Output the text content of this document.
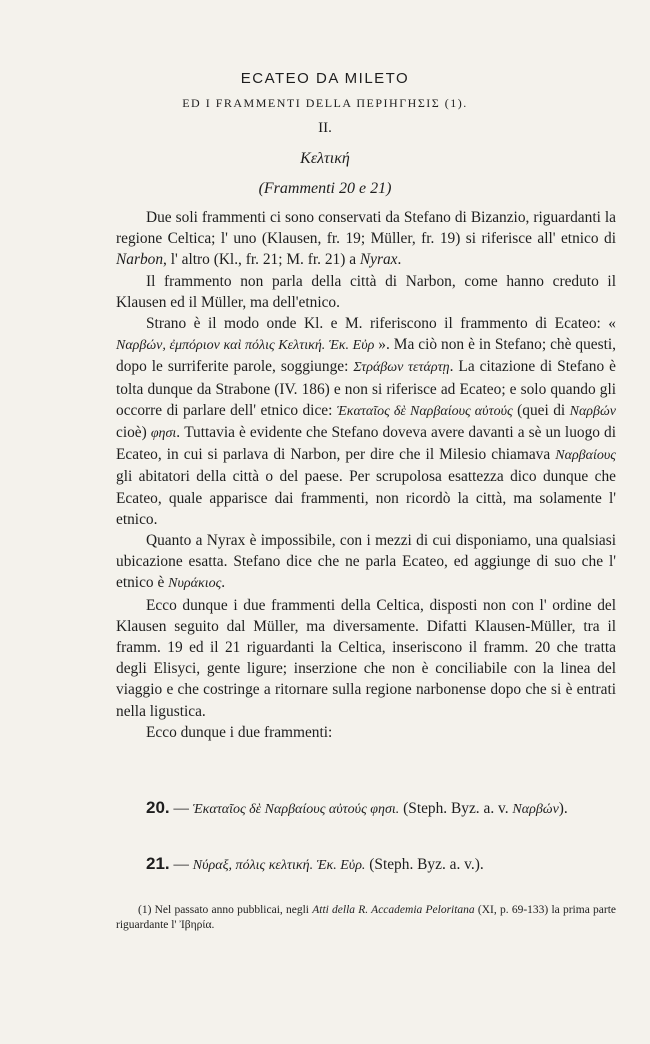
ECATEO DA MILETO
ED I FRAMMENTI DELLA ΠΕΡΙΗΓΗΣΙΣ (1).
II.
Κελτική
(Frammenti 20 e 21)

Due soli frammenti ci sono conservati da Stefano di Bizanzio, riguardanti la regione Celtica; l' uno (Klausen, fr. 19; Müller, fr. 19) si riferisce all' etnico di Narbon, l' altro (Kl., fr. 21; M. fr. 21) a Nyrax.

Il frammento non parla della città di Narbon, come hanno creduto il Klausen ed il Müller, ma dell'etnico.

Strano è il modo onde Kl. e M. riferiscono il frammento di Ecateo: « Ναρβών, ἐμπόριον καὶ πόλις Κελτική. Ἑκ. Εὐρ ». Ma ciò non è in Stefano; chè questi, dopo le surriferite parole, soggiunge: Στράβων τετάρτῃ. La citazione di Stefano è tolta dunque da Strabone (IV. 186) e non si riferisce ad Ecateo; e solo quando gli occorre di parlare dell' etnico dice: Ἑκαταῖος δὲ Ναρβαίους αὐτούς (quei di Ναρβών cioè) φησι. Tuttavia è evidente che Stefano doveva avere davanti a sè un luogo di Ecateo, in cui si parlava di Narbon, per dire che il Milesio chiamava Ναρβαίους gli abitatori della città o del paese. Per scrupolosa esattezza dico dunque che Ecateo, quale apparisce dai frammenti, non ricordò la città, ma solamente l' etnico.

Quanto a Nyrax è impossibile, con i mezzi di cui disponiamo, una qualsiasi ubicazione esatta. Stefano dice che ne parla Ecateo, ed aggiunge di suo che l' etnico è Νυράκιος.

Ecco dunque i due frammenti della Celtica, disposti non con l' ordine del Klausen seguito dal Müller, ma diversamente. Difatti Klausen-Müller, tra il framm. 19 ed il 21 riguardanti la Celtica, inseriscono il framm. 20 che tratta degli Elisyci, gente ligure; inserzione che non è conciliabile con la linea del viaggio e che costringe a ritornare sulla regione narbonense dopo che si è entrati nella ligustica.

Ecco dunque i due frammenti:

20. — Ἑκαταῖος δὲ Ναρβαίους αὐτούς φησι. (Steph. Byz. a. v. Ναρβών).
21. — Νύραξ, πόλις κελτική. Ἑκ. Εὐρ. (Steph. Byz. a. v.).
(1) Nel passato anno pubblicai, negli Atti della R. Accademia Peloritana (XI, p. 69-133) la prima parte riguardante l' Ἰβηρία.
